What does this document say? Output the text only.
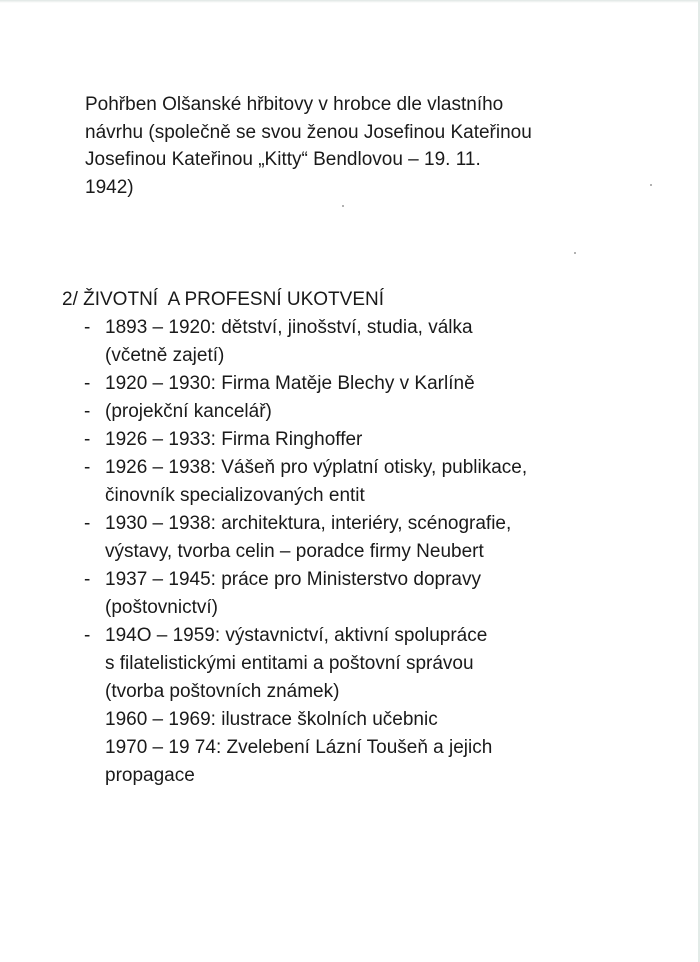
Pohřben Olšanské hřbitovy v hrobce dle vlastního
návrhu (společně se svou ženou Josefinou Kateřinou
Josefinou Kateřinou „Kitty“ Bendlovou – 19. 11.
1942)
2/ ŽIVOTNÍ  A PROFESNÍ UKOTVENÍ
- 1893 – 1920: dětství, jinošství, studia, válka
(včetně zajetí)
- 1920 – 1930: Firma Matěje Blechy v Karlíně
- (projekční kancelář)
- 1926 – 1933: Firma Ringhoffer
- 1926 – 1938: Vášeň pro výplatní otisky, publikace,
činovník specializovaných entit
- 1930 – 1938: architektura, interiéry, scénografie,
výstavy, tvorba celin – poradce firmy Neubert
- 1937 – 1945: práce pro Ministerstvo dopravy
(poštovnictví)
- 194O – 1959: výstavnictví, aktivní spolupráce
s filatelistickými entitami a poštovní správou
(tvorba poštovních známek)
1960 – 1969: ilustrace školních učebnic
1970 – 19 74: Zvelebení Lázní Toušeň a jejich
propagace
